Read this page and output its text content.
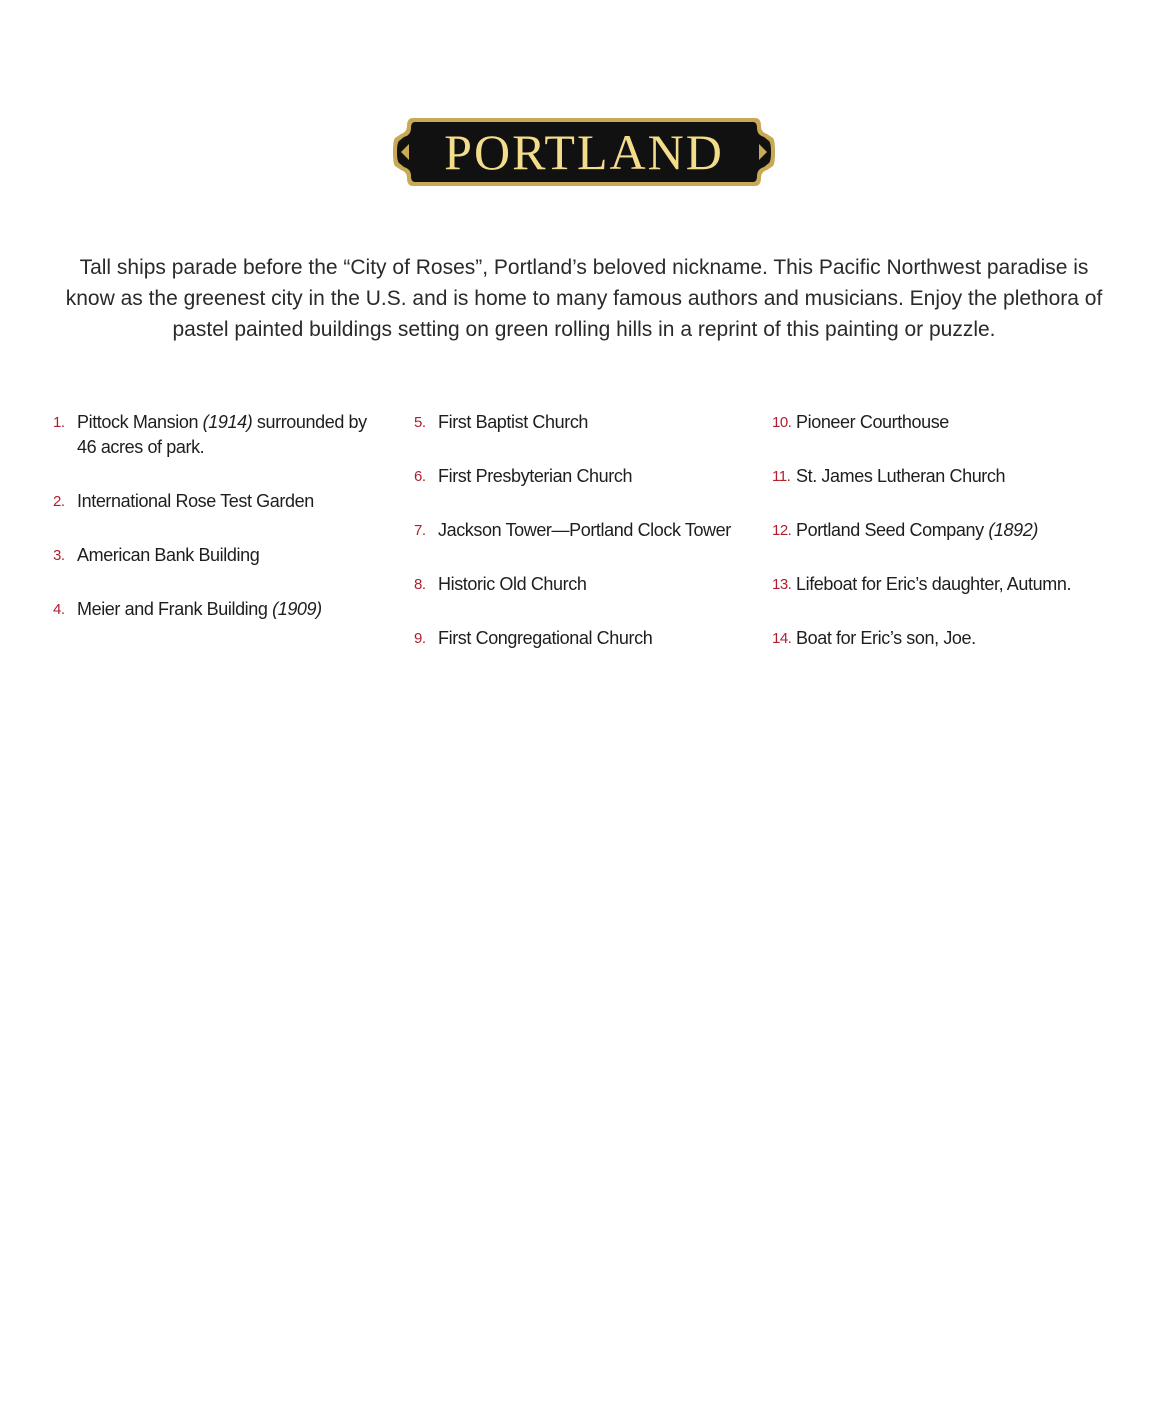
PORTLAND
Tall ships parade before the “City of Roses”, Portland’s beloved nickname. This Pacific Northwest paradise is know as the greenest city in the U.S. and is home to many famous authors and musicians. Enjoy the plethora of pastel painted buildings setting on green rolling hills in a reprint of this painting or puzzle.
1. Pittock Mansion (1914) surrounded by 46 acres of park.
2. International Rose Test Garden
3. American Bank Building
4. Meier and Frank Building (1909)
5. First Baptist Church
6. First Presbyterian Church
7. Jackson Tower—Portland Clock Tower
8. Historic Old Church
9. First Congregational Church
10. Pioneer Courthouse
11. St. James Lutheran Church
12. Portland Seed Company (1892)
13. Lifeboat for Eric’s daughter, Autumn.
14. Boat for Eric’s son, Joe.
